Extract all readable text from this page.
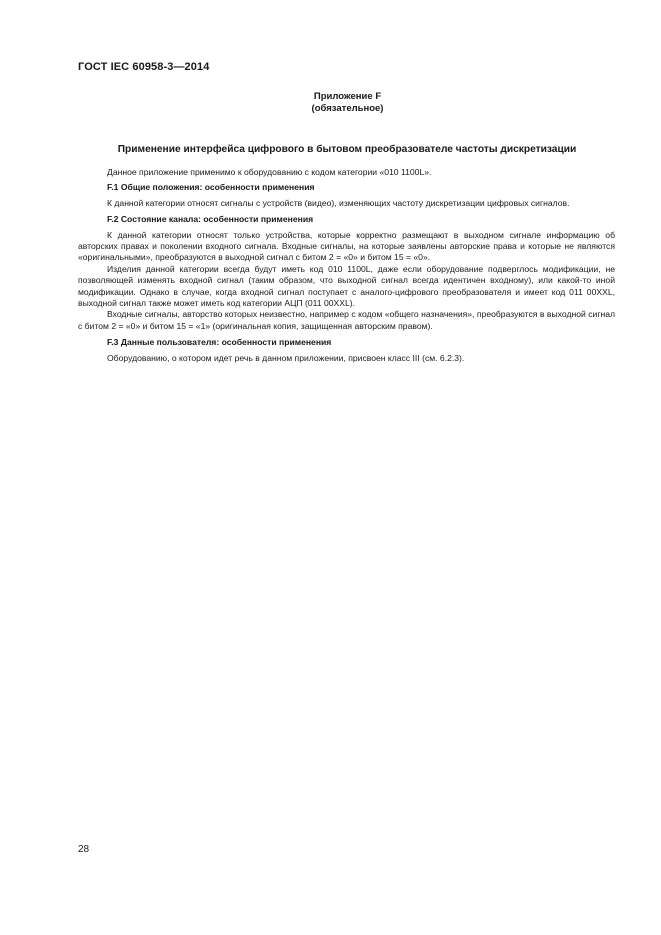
ГОСТ IEC 60958-3—2014
Приложение F
(обязательное)
Применение интерфейса цифрового в бытовом преобразователе частоты дискретизации

Данное приложение применимо к оборудованию с кодом категории «010 1100L».

F.1 Общие положения: особенности применения

К данной категории относят сигналы с устройств (видео), изменяющих частоту дискретизации цифровых сигналов.

F.2 Состояние канала: особенности применения

К данной категории относят только устройства, которые корректно размещают в выходном сигнале информацию об авторских правах и поколении входного сигнала. Входные сигналы, на которые заявлены авторские права и которые не являются «оригинальными», преобразуются в выходной сигнал с битом 2 = «0» и битом 15 = «0».

Изделия данной категории всегда будут иметь код 010 1100L, даже если оборудование подверглось модификации, не позволяющей изменять входной сигнал (таким образом, что выходной сигнал всегда идентичен входному), или какой-то иной модификации. Однако в случае, когда входной сигнал поступает с аналого-цифрового преобразователя и имеет код 011 00XXL, выходной сигнал также может иметь код категории АЦП (011 00XXL).

Входные сигналы, авторство которых неизвестно, например с кодом «общего назначения», преобразуются в выходной сигнал с битом 2 = «0» и битом 15 = «1» (оригинальная копия, защищенная авторским правом).

F.3 Данные пользователя: особенности применения

Оборудованию, о котором идет речь в данном приложении, присвоен класс III (см. 6.2.3).

28
